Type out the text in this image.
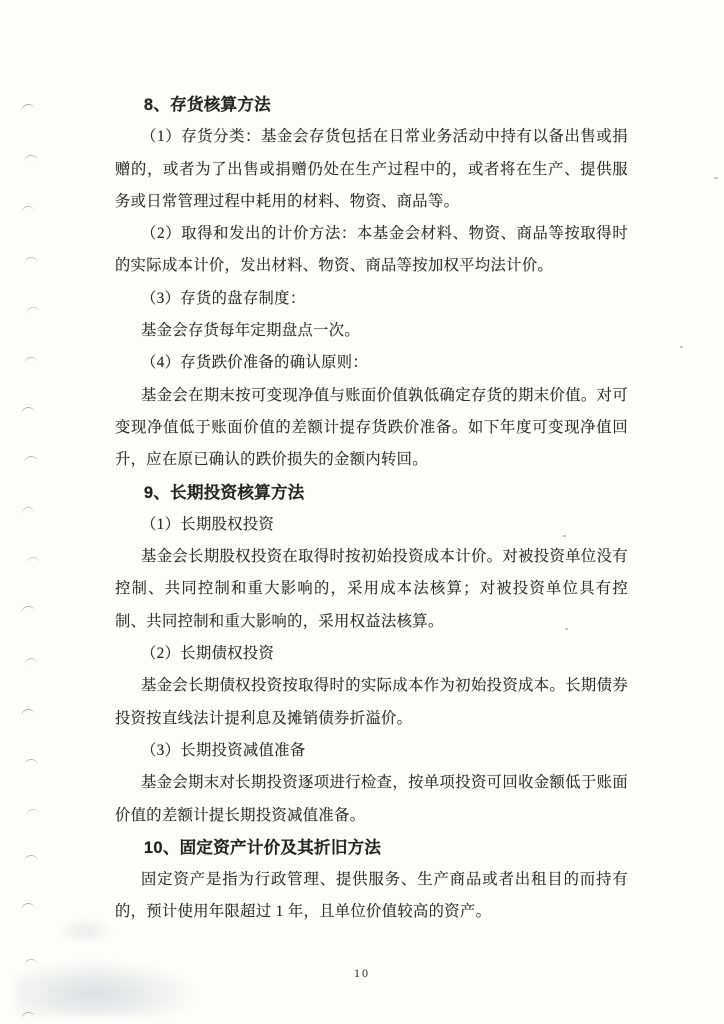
8、存货核算方法

（1）存货分类：基金会存货包括在日常业务活动中持有以备出售或捐赠的，或者为了出售或捐赠仍处在生产过程中的，或者将在生产、提供服务或日常管理过程中耗用的材料、物资、商品等。

（2）取得和发出的计价方法：本基金会材料、物资、商品等按取得时的实际成本计价，发出材料、物资、商品等按加权平均法计价。

（3）存货的盘存制度：

基金会存货每年定期盘点一次。

（4）存货跌价准备的确认原则：

基金会在期末按可变现净值与账面价值孰低确定存货的期末价值。对可变现净值低于账面价值的差额计提存货跌价准备。如下年度可变现净值回升，应在原已确认的跌价损失的金额内转回。

9、长期投资核算方法

（1）长期股权投资

基金会长期股权投资在取得时按初始投资成本计价。对被投资单位没有控制、共同控制和重大影响的，采用成本法核算；对被投资单位具有控制、共同控制和重大影响的，采用权益法核算。

（2）长期债权投资

基金会长期债权投资按取得时的实际成本作为初始投资成本。长期债券投资按直线法计提利息及摊销债券折溢价。

（3）长期投资减值准备

基金会期末对长期投资逐项进行检查，按单项投资可回收金额低于账面价值的差额计提长期投资减值准备。

10、固定资产计价及其折旧方法

固定资产是指为行政管理、提供服务、生产商品或者出租目的而持有的，预计使用年限超过 1 年，且单位价值较高的资产。

10
